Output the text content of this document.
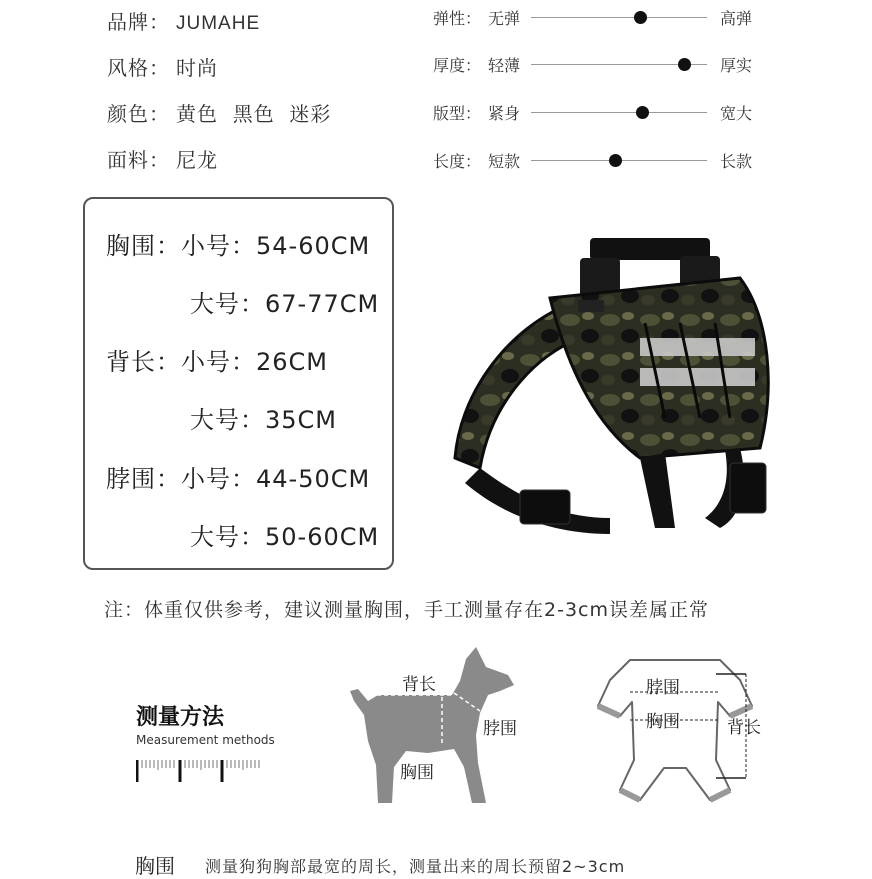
品牌： JUMAHE
风格： 时尚
颜色： 黄色  黑色  迷彩
面料： 尼龙
弹性： 无弹	高弹
厚度： 轻薄	厚实
版型： 紧身	宽大
长度： 短款	长款
胸围：小号：54-60CM
大号：67-77CM
背长：小号：26CM
大号：35CM
脖围：小号：44-50CM
大号：50-60CM
注：体重仅供参考，建议测量胸围，手工测量存在2-3cm误差属正常
测量方法
Measurement methods
背长
脖围
胸围
脖围
胸围	背长
胸围 测量狗狗胸部最宽的周长，测量出来的周长预留2~3cm
